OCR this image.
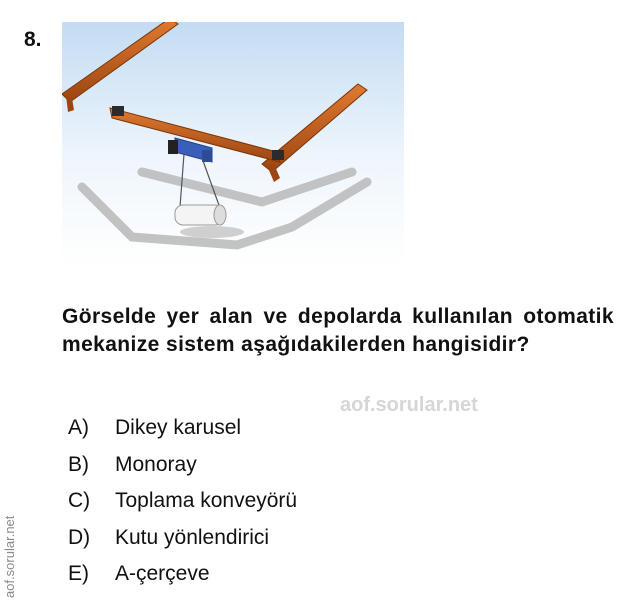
8.
Görselde yer alan ve depolarda kullanılan otomatik mekanize sistem aşağıdakilerden hangisidir?
aof.sorular.net
aof.sorular.net
A)	Dikey karusel
B)	Monoray
C)	Toplama konveyörü
D)	Kutu yönlendirici
E)	A-çerçeve
